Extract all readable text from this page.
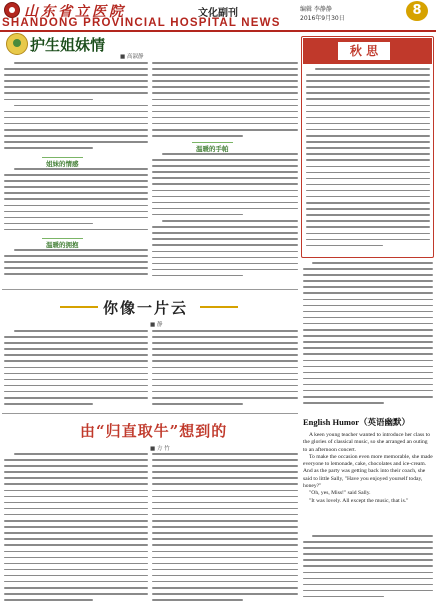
山东省立医院	文化副刊	编辑 李静静
2016年9月30日
8
SHANDONG PROVINCIAL HOSPITAL NEWS
护生姐妹情
■ 高淑静
姐妹的情感
温暖的拥抱
温暖的手帕
秋 思
你像一片云
■ 静
由“归直取牛”想到的
■ 方 竹
English Humor（英语幽默）

A keen young teacher wanted to introduce her class to the glories of classical music, so she arranged an outing to an afternoon concert.

To make the occasion even more memorable, she made everyone to lemonade, cake, chocolates and ice-cream. And as the party was getting back into their coach, she said to little Sally, "Have you enjoyed yourself today, honey?"

"Oh, yes, Miss!" said Sally.

"It was lovely. All except the music, that is."
